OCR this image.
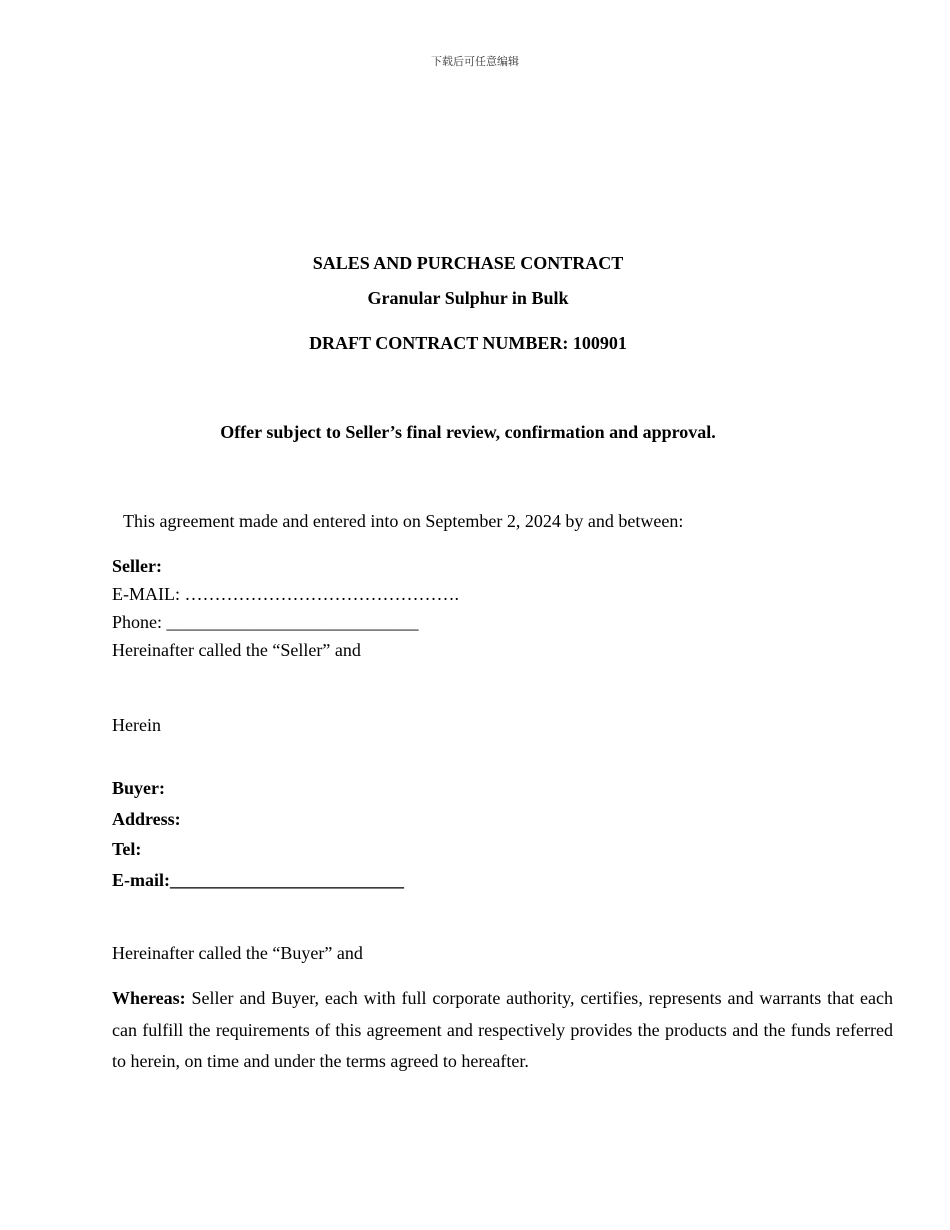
下载后可任意编辑
SALES AND PURCHASE CONTRACT
Granular Sulphur in Bulk
DRAFT CONTRACT NUMBER: 100901
Offer subject to Seller’s final review, confirmation and approval.
This agreement made and entered into on September 2, 2024 by and between:
Seller:
E-MAIL: ……………………………………….
Phone: ____________________________
Hereinafter called the “Seller” and
Herein
Buyer:
Address:
Tel:
E-mail:__________________________
Hereinafter called the “Buyer” and
Whereas: Seller and Buyer, each with full corporate authority, certifies, represents and warrants that each can fulfill the requirements of this agreement and respectively provides the products and the funds referred to herein, on time and under the terms agreed to hereafter.
